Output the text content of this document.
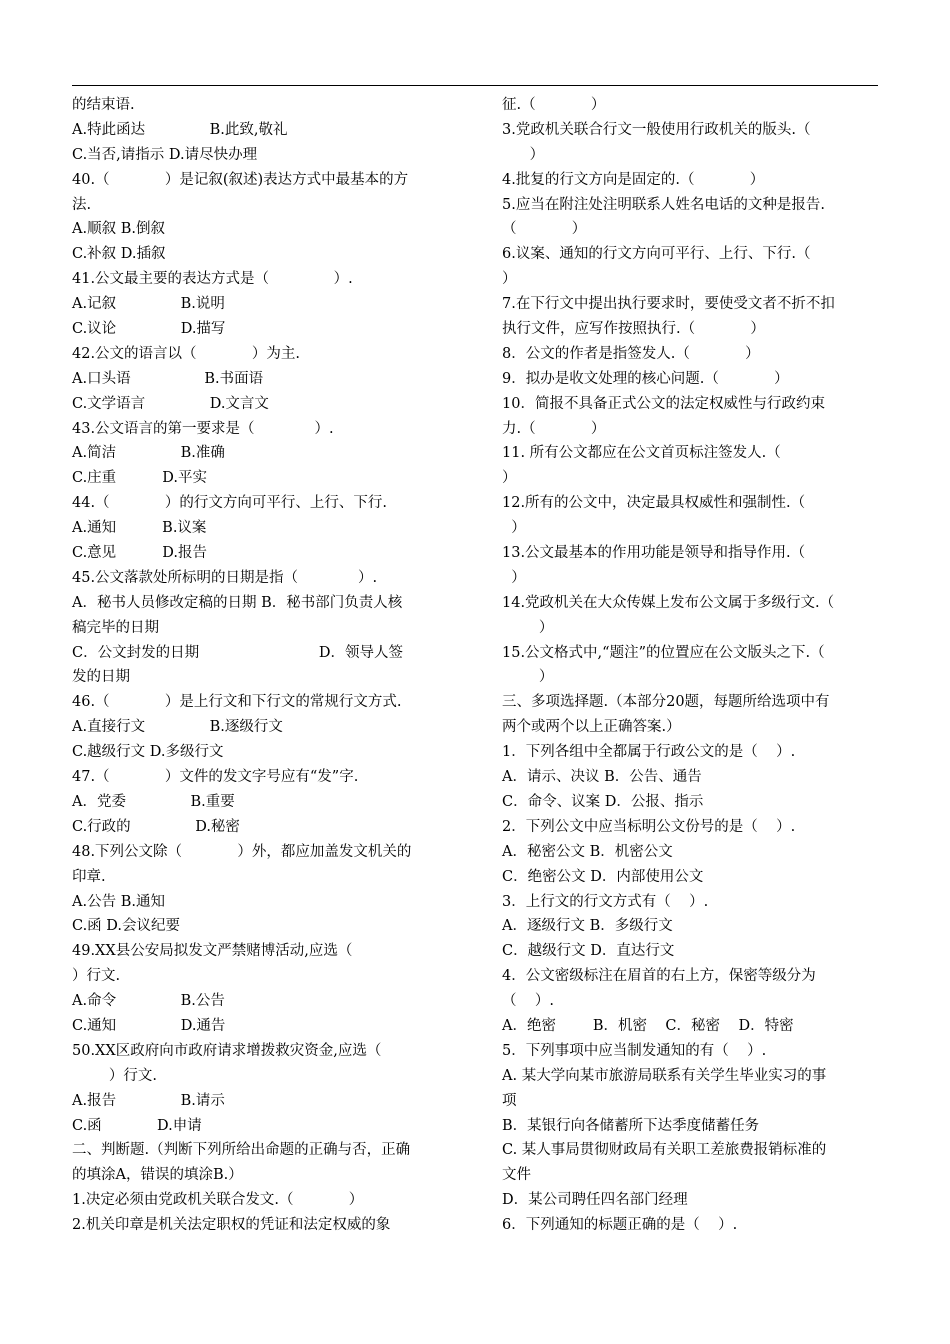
的结束语.
A.特此函达              B.此致,敬礼
C.当否,请指示 D.请尽快办理
40.（            ）是记叙(叙述)表达方式中最基本的方
法.
A.顺叙 B.倒叙
C.补叙 D.插叙
41.公文最主要的表达方式是（              ）.
A.记叙              B.说明
C.议论              D.描写
42.公文的语言以（            ）为主.
A.口头语                B.书面语
C.文学语言              D.文言文
43.公文语言的第一要求是（             ）.
A.简洁              B.准确
C.庄重          D.平实
44.（            ）的行文方向可平行、上行、下行.
A.通知          B.议案
C.意见          D.报告
45.公文落款处所标明的日期是指（             ）.
A．秘书人员修改定稿的日期 B．秘书部门负责人核
稿完毕的日期
C．公文封发的日期                          D．领导人签
发的日期
46.（            ）是上行文和下行文的常规行文方式.
A.直接行文              B.逐级行文
C.越级行文 D.多级行文
47.（            ）文件的发文字号应有“发”字.
A．党委              B.重要
C.行政的              D.秘密
48.下列公文除（            ）外，都应加盖发文机关的
印章.
A.公告 B.通知
C.函 D.会议纪要
49.XX县公安局拟发文严禁赌博活动,应选（
）行文.
A.命令              B.公告
C.通知              D.通告
50.XX区政府向市政府请求增拨救灾资金,应选（
）行文.
A.报告              B.请示
C.函            D.申请
二、判断题.（判断下列所给出命题的正确与否，正确
的填涂A，错误的填涂B.）
1.决定必须由党政机关联合发文.（            ）
2.机关印章是机关法定职权的凭证和法定权威的象
征.（            ）
3.党政机关联合行文一般使用行政机关的版头.（
）
4.批复的行文方向是固定的.（            ）
5.应当在附注处注明联系人姓名电话的文种是报告.
（            ）
6.议案、通知的行文方向可平行、上行、下行.（
）
7.在下行文中提出执行要求时，要使受文者不折不扣
执行文件，应写作按照执行.（            ）
8．公文的作者是指签发人.（            ）
9．拟办是收文处理的核心问题.（            ）
10．简报不具备正式公文的法定权威性与行政约束
力.（            ）
11. 所有公文都应在公文首页标注签发人.（
）
12.所有的公文中，决定最具权威性和强制性.（
）
13.公文最基本的作用功能是领导和指导作用.（
）
14.党政机关在大众传媒上发布公文属于多级行文.（
）
15.公文格式中,“题注”的位置应在公文版头之下.（
）
三、多项选择题.（本部分20题，每题所给选项中有
两个或两个以上正确答案.）
1．下列各组中全都属于行政公文的是（    ）.
A．请示、决议 B．公告、通告
C．命令、议案 D．公报、指示
2．下列公文中应当标明公文份号的是（    ）.
A．秘密公文 B．机密公文
C．绝密公文 D．内部使用公文
3．上行文的行文方式有（    ）.
A．逐级行文 B．多级行文
C．越级行文 D．直达行文
4．公文密级标注在眉首的右上方，保密等级分为
（    ）.
A．绝密        B．机密    C．秘密    D．特密
5．下列事项中应当制发通知的有（    ）.
A. 某大学向某市旅游局联系有关学生毕业实习的事
项
B．某银行向各储蓄所下达季度储蓄任务
C. 某人事局贯彻财政局有关职工差旅费报销标准的
文件
D．某公司聘任四名部门经理
6．下列通知的标题正确的是（    ）.
